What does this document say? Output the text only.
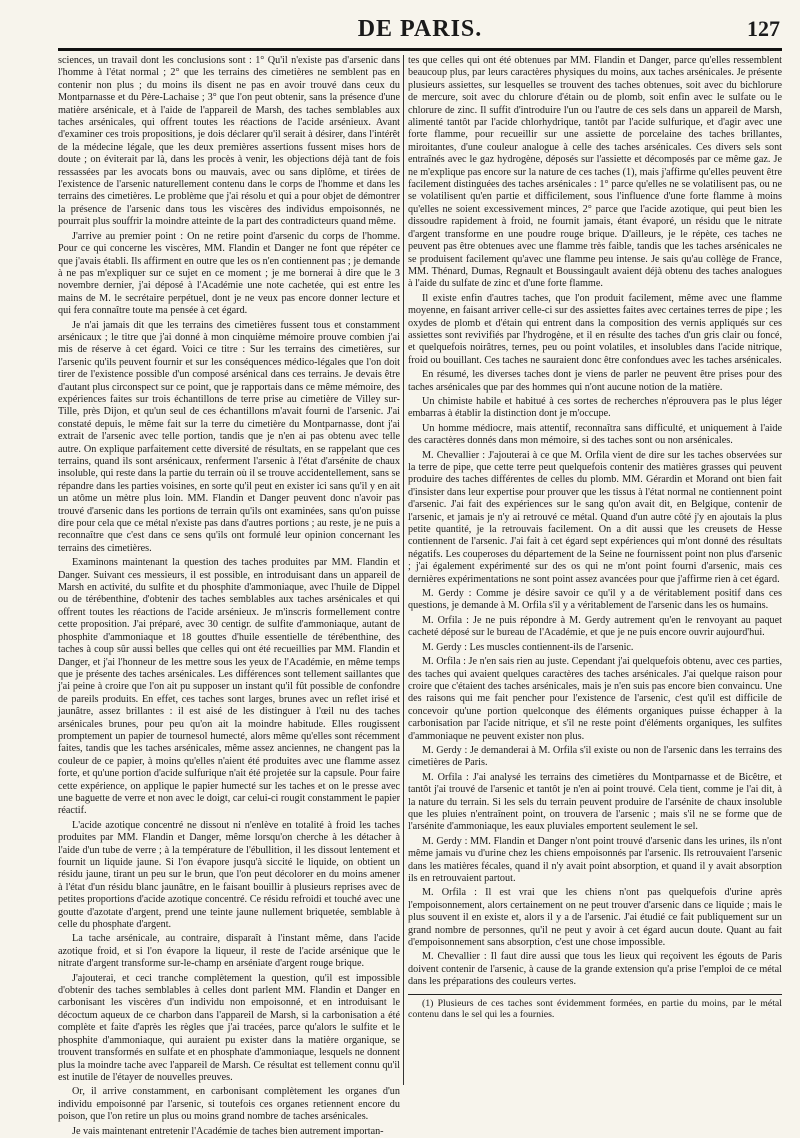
DE PARIS.	127

sciences, un travail dont les conclusions sont : 1° Qu'il n'existe pas d'arsenic dans l'homme à l'état normal ; 2° que les terrains des cimetières ne semblent pas en contenir non plus ; du moins ils disent ne pas en avoir trouvé dans ceux du Montparnasse et du Père-Lachaise ; 3° que l'on peut obtenir, sans la présence d'une matière arsénicale, et à l'aide de l'appareil de Marsh, des taches semblables aux taches arsénicales, qui offrent toutes les réactions de l'acide arsénieux. Avant d'examiner ces trois propositions, je dois déclarer qu'il serait à désirer, dans l'intérêt de la médecine légale, que les deux premières assertions fussent mises hors de doute ; on éviterait par là, dans les procès à venir, les objections déjà tant de fois ressassées par les avocats bons ou mauvais, avec ou sans diplôme, et tirées de l'existence de l'arsenic naturellement contenu dans le corps de l'homme et dans les terrains des cimetières. Le problème que j'ai résolu et qui a pour objet de démontrer la présence de l'arsenic dans tous les viscères des individus empoisonnés, ne pourrait plus souffrir la moindre atteinte de la part des contradicteurs quand même.

J'arrive au premier point : On ne retire point d'arsenic du corps de l'homme. Pour ce qui concerne les viscères, MM. Flandin et Danger ne font que répéter ce que j'avais établi. Ils affirment en outre que les os n'en contiennent pas ; je demande à ne pas m'expliquer sur ce sujet en ce moment ; je me bornerai à dire que le 3 novembre dernier, j'ai déposé à l'Académie une note cachetée, qui est entre les mains de M. le secrétaire perpétuel, dont je ne veux pas encore donner lecture et qui fera connaître toute ma pensée à cet égard.

Je n'ai jamais dit que les terrains des cimetières fussent tous et constamment arsénicaux ; le titre que j'ai donné à mon cinquième mémoire prouve combien j'ai mis de réserve à cet égard. Voici ce titre : Sur les terrains des cimetières, sur l'arsenic qu'ils peuvent fournir et sur les conséquences médico-légales que l'on doit tirer de l'existence possible d'un composé arsénical dans ces terrains. Je devais être d'autant plus circonspect sur ce point, que je rapportais dans ce même mémoire, des expériences faites sur trois échantillons de terre prise au cimetière de Villey sur-Tille, près Dijon, et qu'un seul de ces échantillons m'avait fourni de l'arsenic. J'ai constaté depuis, le même fait sur la terre du cimetière du Montparnasse, dont j'ai extrait de l'arsenic avec telle portion, tandis que je n'en ai pas obtenu avec telle autre. On explique parfaitement cette diversité de résultats, en se rappelant que ces terrains, quand ils sont arsénicaux, renferment l'arsenic à l'état d'arsénite de chaux insoluble, qui reste dans la partie du terrain où il se trouve accidentellement, sans se répandre dans les parties voisines, en sorte qu'il peut en exister ici sans qu'il y en ait un atôme un mètre plus loin. MM. Flandin et Danger peuvent donc n'avoir pas trouvé d'arsenic dans les portions de terrain qu'ils ont examinées, sans qu'on puisse dire pour cela que ce métal n'existe pas dans d'autres portions ; au reste, je ne puis a reconnaître que c'est dans ce sens qu'ils ont formulé leur opinion concernant les terrains des cimetières.

Examinons maintenant la question des taches produites par MM. Flandin et Danger. Suivant ces messieurs, il est possible, en introduisant dans un appareil de Marsh en activité, du sulfite et du phosphite d'ammoniaque, avec l'huile de Dippel ou de térébenthine, d'obtenir des taches semblables aux taches arsénicales et qui offrent toutes les réactions de l'acide arsénieux. Je m'inscris formellement contre cette proposition. J'ai préparé, avec 30 centigr. de sulfite d'ammoniaque, autant de phosphite d'ammoniaque et 18 gouttes d'huile essentielle de térébenthine, des taches à coup sûr aussi belles que celles qui ont été recueillies par MM. Flandin et Danger, et j'ai l'honneur de les mettre sous les yeux de l'Académie, en même temps que je présente des taches arsénicales. Les différences sont tellement saillantes que j'ai peine à croire que l'on ait pu supposer un instant qu'il fût possible de confondre de pareils produits. En effet, ces taches sont larges, brunes avec un reflet irisé et jaunâtre, assez brillantes : il est aisé de les distinguer à l'œil nu des taches arsénicales brunes, pour peu qu'on ait la moindre habitude. Elles rougissent promptement un papier de tournesol humecté, alors même qu'elles sont récemment faites, tandis que les taches arsénicales, même assez anciennes, ne changent pas la couleur de ce papier, à moins qu'elles n'aient été produites avec une flamme assez forte, et qu'une portion d'acide sulfurique n'ait été projetée sur la capsule. Pour faire cette expérience, on applique le papier humecté sur les taches et on le presse avec une baguette de verre et non avec le doigt, car celui-ci rougit constamment le papier réactif.

L'acide azotique concentré ne dissout ni n'enlève en totalité à froid les taches produites par MM. Flandin et Danger, même lorsqu'on cherche à les détacher à l'aide d'un tube de verre ; à la température de l'ébullition, il les dissout lentement et fournit un liquide jaune. Si l'on évapore jusqu'à siccité le liquide, on obtient un résidu jaune, tirant un peu sur le brun, que l'on peut décolorer en du moins amener à l'état d'un résidu blanc jaunâtre, en le faisant bouillir à plusieurs reprises avec de petites proportions d'acide azotique concentré. Ce résidu refroidi et touché avec une goutte d'azotate d'argent, prend une teinte jaune nullement briquetée, semblable à celle du phosphate d'argent.

La tache arsénicale, au contraire, disparaît à l'instant même, dans l'acide azotique froid, et si l'on évapore la liqueur, il reste de l'acide arsénique que le nitrate d'argent transforme sur-le-champ en arséniate d'argent rouge brique.

J'ajouterai, et ceci tranche complètement la question, qu'il est impossible d'obtenir des taches semblables à celles dont parlent MM. Flandin et Danger en carbonisant les viscères d'un individu non empoisonné, et en introduisant le décoctum aqueux de ce charbon dans l'appareil de Marsh, si la carbonisation a été complète et faite d'après les règles que j'ai tracées, parce qu'alors le sulfite et le phosphite d'ammoniaque, qui auraient pu exister dans la matière organique, se trouvent transformés en sulfate et en phosphate d'ammoniaque, lesquels ne donnent plus la moindre tache avec l'appareil de Marsh. Ce résultat est tellement connu qu'il est inutile de l'étayer de nouvelles preuves.

Or, il arrive constamment, en carbonisant complètement les organes d'un individu empoisonné par l'arsenic, si toutefois ces organes retiennent encore du poison, que l'on retire un plus ou moins grand nombre de taches arsénicales.

Je vais maintenant entretenir l'Académie de taches bien autrement importan-

tes que celles qui ont été obtenues par MM. Flandin et Danger, parce qu'elles ressemblent beaucoup plus, par leurs caractères physiques du moins, aux taches arsénicales. Je présente plusieurs assiettes, sur lesquelles se trouvent des taches obtenues, soit avec du bichlorure de mercure, soit avec du chlorure d'étain ou de plomb, soit enfin avec le sulfate ou le chlorure de zinc. Il suffit d'introduire l'un ou l'autre de ces sels dans un appareil de Marsh, alimenté tantôt par l'acide chlorhydrique, tantôt par l'acide sulfurique, et d'agir avec une forte flamme, pour recueillir sur une assiette de porcelaine des taches brillantes, miroitantes, d'une couleur analogue à celle des taches arsénicales. Ces divers sels sont entraînés avec le gaz hydrogène, déposés sur l'assiette et décomposés par ce même gaz. Je ne m'explique pas encore sur la nature de ces taches (1), mais j'affirme qu'elles peuvent être facilement distinguées des taches arsénicales : 1° parce qu'elles ne se volatilisent pas, ou ne se volatilisent qu'en partie et difficilement, sous l'influence d'une forte flamme à moins qu'elles ne soient excessivement minces, 2° parce que l'acide azotique, qui peut bien les dissoudre rapidement à froid, ne fournit jamais, étant évaporé, un résidu que le nitrate d'argent transforme en une poudre rouge brique. D'ailleurs, je le répète, ces taches ne peuvent pas être obtenues avec une flamme très faible, tandis que les taches arsénicales ne se produisent facilement qu'avec une flamme peu intense. Je sais qu'au collège de France, MM. Thénard, Dumas, Regnault et Boussingault avaient déjà obtenu des taches analogues à l'aide du sulfate de zinc et d'une forte flamme.

Il existe enfin d'autres taches, que l'on produit facilement, même avec une flamme moyenne, en faisant arriver celle-ci sur des assiettes faites avec certaines terres de pipe ; les oxydes de plomb et d'étain qui entrent dans la composition des vernis appliqués sur ces assiettes sont revivifiés par l'hydrogène, et il en résulte des taches d'un gris clair ou foncé, et quelquefois noirâtres, ternes, peu ou point volatiles, et insolubles dans l'acide nitrique, froid ou bouillant. Ces taches ne sauraient donc être confondues avec les taches arsénicales.

En résumé, les diverses taches dont je viens de parler ne peuvent être prises pour des taches arsénicales que par des hommes qui n'ont aucune notion de la matière.

Un chimiste habile et habitué à ces sortes de recherches n'éprouvera pas le plus léger embarras à établir la distinction dont je m'occupe.

Un homme médiocre, mais attentif, reconnaîtra sans difficulté, et uniquement à l'aide des caractères donnés dans mon mémoire, si des taches sont ou non arsénicales.

M. Chevallier : J'ajouterai à ce que M. Orfila vient de dire sur les taches observées sur la terre de pipe, que cette terre peut quelquefois contenir des matières grasses qui peuvent produire des taches différentes de celles du plomb. MM. Gérardin et Morand ont bien fait d'insister dans leur expertise pour prouver que les tissus à l'état normal ne contiennent point d'arsenic. J'ai fait des expériences sur le sang qu'on avait dit, en Belgique, contenir de l'arsenic, et jamais je n'y ai retrouvé ce métal. Quand d'un autre côté j'y en ajoutais la plus petite quantité, je la retrouvais facilement. On a dit aussi que les creusets de Hesse contiennent de l'arsenic. J'ai fait à cet égard sept expériences qui m'ont donné des résultats négatifs. Les couperoses du département de la Seine ne fournissent point non plus d'arsenic ; j'ai également expérimenté sur des os qui ne m'ont point fourni d'arsenic, mais ces dernières expérimentations ne sont point assez avancées pour que j'affirme rien à cet égard.

M. Gerdy : Comme je désire savoir ce qu'il y a de véritablement positif dans ces questions, je demande à M. Orfila s'il y a véritablement de l'arsenic dans les os humains.

M. Orfila : Je ne puis répondre à M. Gerdy autrement qu'en le renvoyant au paquet cacheté déposé sur le bureau de l'Académie, et que je ne puis encore ouvrir aujourd'hui.

M. Gerdy : Les muscles contiennent-ils de l'arsenic.

M. Orfila : Je n'en sais rien au juste. Cependant j'ai quelquefois obtenu, avec ces parties, des taches qui avaient quelques caractères des taches arsénicales. J'ai quelque raison pour croire que c'étaient des taches arsénicales, mais je n'en suis pas encore bien convaincu. Une des raisons qui me fait pencher pour l'existence de l'arsenic, c'est qu'il est difficile de concevoir qu'une portion quelconque des éléments organiques puisse échapper à la carbonisation par l'acide nitrique, et s'il ne reste point d'éléments organiques, les sulfites d'ammoniaque ne peuvent exister non plus.

M. Gerdy : Je demanderai à M. Orfila s'il existe ou non de l'arsenic dans les terrains des cimetières de Paris.

M. Orfila : J'ai analysé les terrains des cimetières du Montparnasse et de Bicêtre, et tantôt j'ai trouvé de l'arsenic et tantôt je n'en ai point trouvé. Cela tient, comme je l'ai dit, à la nature du terrain. Si les sels du terrain peuvent produire de l'arsénite de chaux insoluble que les pluies n'entraînent point, on trouvera de l'arsenic ; mais s'il ne se forme que de l'arsénite d'ammoniaque, les eaux pluviales emportent seulement le sel.

M. Gerdy : MM. Flandin et Danger n'ont point trouvé d'arsenic dans les urines, ils n'ont même jamais vu d'urine chez les chiens empoisonnés par l'arsenic. Ils retrouvaient l'arsenic dans les matières fécales, quand il n'y avait point absorption, et quand il y avait absorption ils en retrouvaient partout.

M. Orfila : Il est vrai que les chiens n'ont pas quelquefois d'urine après l'empoisonnement, alors certainement on ne peut trouver d'arsenic dans ce liquide ; mais le plus souvent il en existe et, alors il y a de l'arsenic. J'ai étudié ce fait publiquement sur un grand nombre de personnes, qu'il ne peut y avoir à cet égard aucun doute. Quant au fait d'empoisonnement sans absorption, c'est une chose impossible.

M. Chevallier : Il faut dire aussi que tous les lieux qui reçoivent les égouts de Paris doivent contenir de l'arsenic, à cause de la grande extension qu'a prise l'emploi de ce métal dans les préparations des couleurs vertes.

(1) Plusieurs de ces taches sont évidemment formées, en partie du moins, par le métal contenu dans le sel qui les a fournies.
